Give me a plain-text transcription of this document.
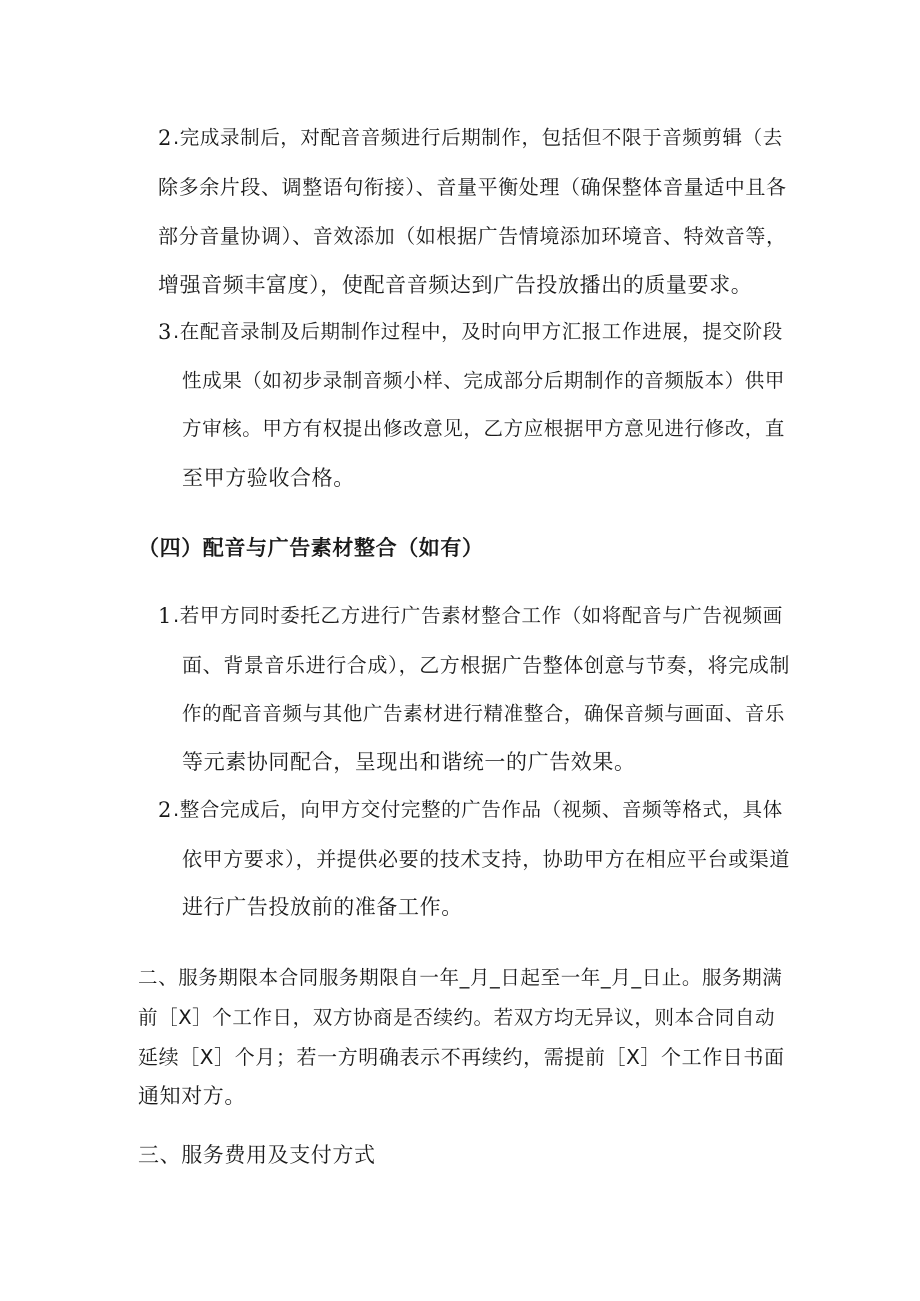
2 .完成录制后，对配音音频进行后期制作，包括但不限于音频剪辑（去
除多余片段、调整语句衔接）、音量平衡处理（确保整体音量适中且各
部分音量协调）、音效添加（如根据广告情境添加环境音、特效音等，
增强音频丰富度），使配音音频达到广告投放播出的质量要求。
3 .在配音录制及后期制作过程中，及时向甲方汇报工作进展，提交阶段
性成果（如初步录制音频小样、完成部分后期制作的音频版本）供甲
方审核。甲方有权提出修改意见，乙方应根据甲方意见进行修改，直
至甲方验收合格。
（四）配音与广告素材整合（如有）
1 .若甲方同时委托乙方进行广告素材整合工作（如将配音与广告视频画
面、背景音乐进行合成），乙方根据广告整体创意与节奏，将完成制
作的配音音频与其他广告素材进行精准整合，确保音频与画面、音乐
等元素协同配合，呈现出和谐统一的广告效果。
2 .整合完成后，向甲方交付完整的广告作品（视频、音频等格式，具体
依甲方要求），并提供必要的技术支持，协助甲方在相应平台或渠道
进行广告投放前的准备工作。
二、服务期限本合同服务期限自一年_月_日起至一年_月_日止。服务期满
前［X］个工作日，双方协商是否续约。若双方均无异议，则本合同自动
延续［X］个月；若一方明确表示不再续约，需提前［X］个工作日书面
通知对方。
三、服务费用及支付方式
